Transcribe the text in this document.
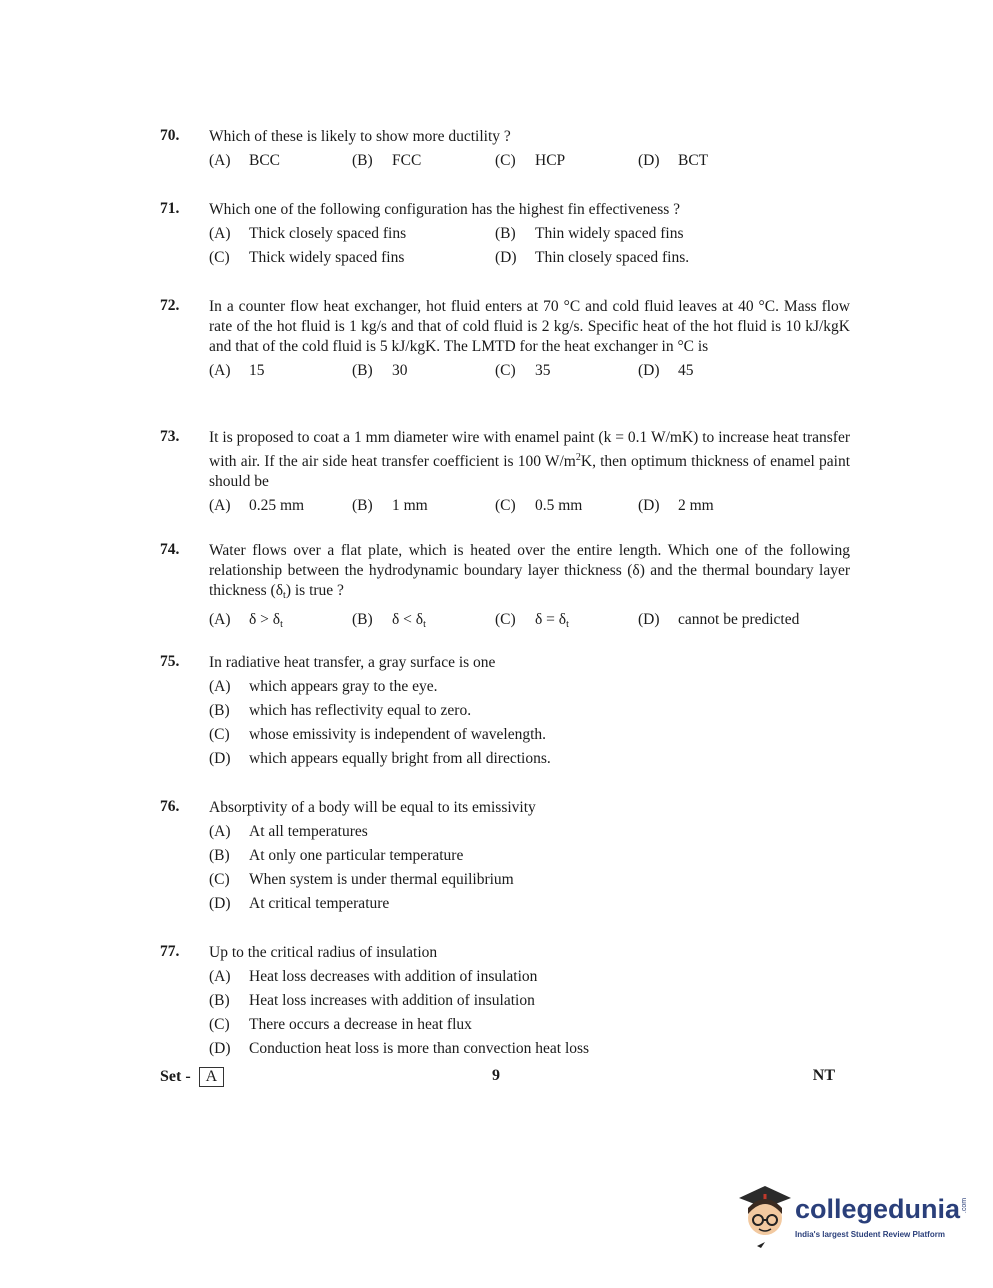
70.	Which of these is likely to show more ductility ?
(A) BCC	(B) FCC	(C) HCP	(D) BCT
71.	Which one of the following configuration has the highest fin effectiveness ?
(A) Thick closely spaced fins	(B) Thin widely spaced fins
(C) Thick widely spaced fins	(D) Thin closely spaced fins.
72.	In a counter flow heat exchanger, hot fluid enters at 70 °C and cold fluid leaves at 40 °C. Mass flow rate of the hot fluid is 1 kg/s and that of cold fluid is 2 kg/s. Specific heat of the hot fluid is 10 kJ/kgK and that of the cold fluid is 5 kJ/kgK. The LMTD for the heat exchanger in °C is
(A) 15	(B) 30	(C) 35	(D) 45
73.	It is proposed to coat a 1 mm diameter wire with enamel paint (k = 0.1 W/mK) to increase heat transfer with air. If the air side heat transfer coefficient is 100 $W/m^2K$, then optimum thickness of enamel paint should be
(A) 0.25 mm	(B) 1 mm	(C) 0.5 mm	(D) 2 mm
74.	Water flows over a flat plate, which is heated over the entire length. Which one of the following relationship between the hydrodynamic boundary layer thickness (δ) and the thermal boundary layer thickness $(\delta_t)$ is true ?
(A) $\delta > \delta_t$	(B) $\delta < \delta_t$	(C) $\delta = \delta_t$	(D) cannot be predicted
75.	In radiative heat transfer, a gray surface is one
(A) which appears gray to the eye.
(B) which has reflectivity equal to zero.
(C) whose emissivity is independent of wavelength.
(D) which appears equally bright from all directions.
76.	Absorptivity of a body will be equal to its emissivity
(A) At all temperatures
(B) At only one particular temperature
(C) When system is under thermal equilibrium
(D) At critical temperature
77.	Up to the critical radius of insulation
(A) Heat loss decreases with addition of insulation
(B) Heat loss increases with addition of insulation
(C) There occurs a decrease in heat flux
(D) Conduction heat loss is more than convection heat loss
Set - A	9	NT
collegedunia .com
India's largest Student Review Platform
